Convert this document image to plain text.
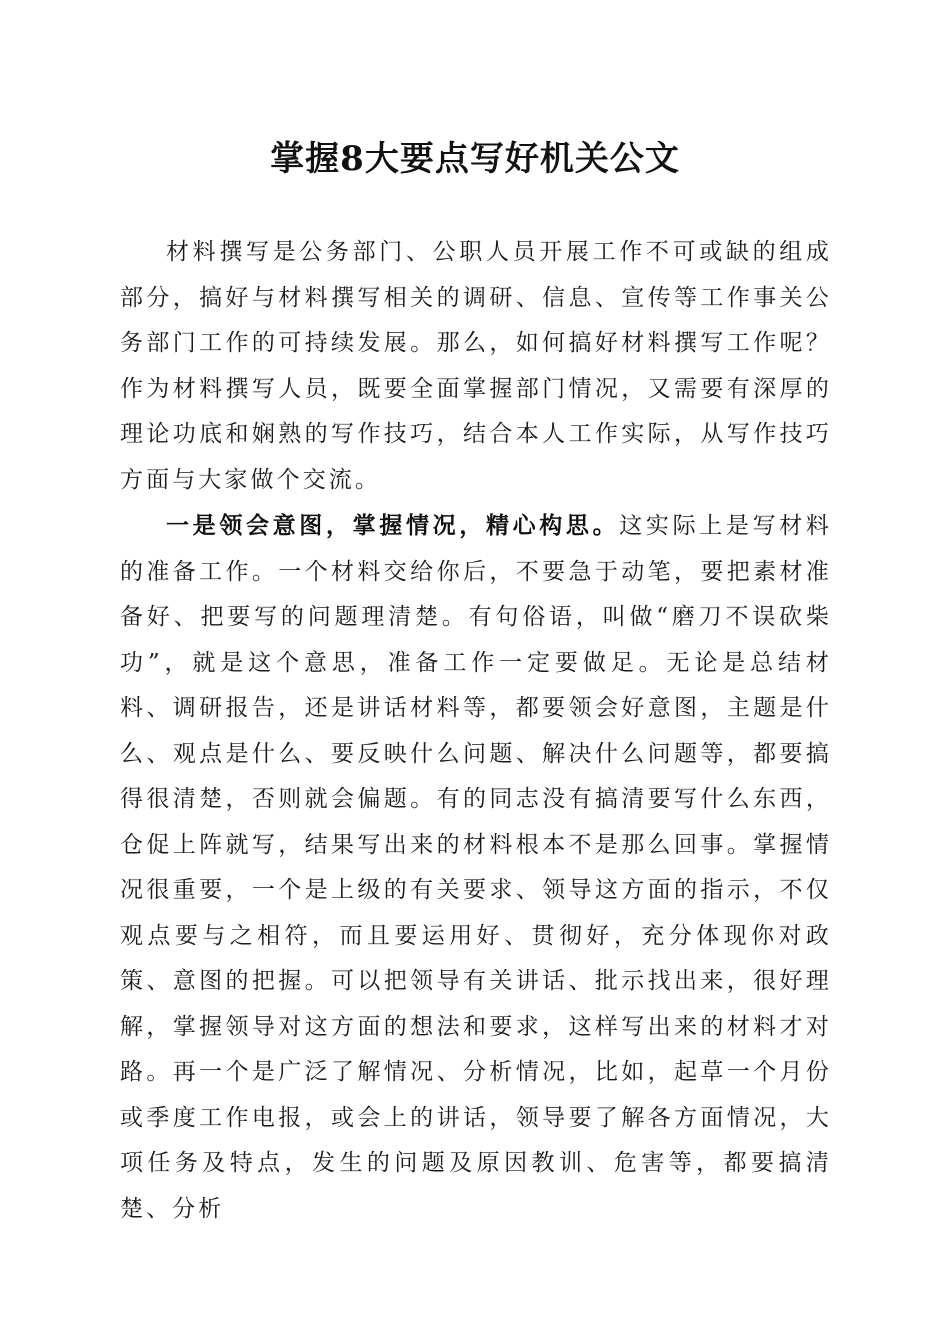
掌握8大要点写好机关公文

材料撰写是公务部门、公职人员开展工作不可或缺的组成部分，搞好与材料撰写相关的调研、信息、宣传等工作事关公务部门工作的可持续发展。那么，如何搞好材料撰写工作呢？作为材料撰写人员，既要全面掌握部门情况，又需要有深厚的理论功底和娴熟的写作技巧，结合本人工作实际，从写作技巧方面与大家做个交流。

一是领会意图，掌握情况，精心构思。这实际上是写材料的准备工作。一个材料交给你后，不要急于动笔，要把素材准备好、把要写的问题理清楚。有句俗语，叫做“磨刀不误砍柴功”，就是这个意思，准备工作一定要做足。无论是总结材料、调研报告，还是讲话材料等，都要领会好意图，主题是什么、观点是什么、要反映什么问题、解决什么问题等，都要搞得很清楚，否则就会偏题。有的同志没有搞清要写什么东西，仓促上阵就写，结果写出来的材料根本不是那么回事。掌握情况很重要，一个是上级的有关要求、领导这方面的指示，不仅观点要与之相符，而且要运用好、贯彻好，充分体现你对政策、意图的把握。可以把领导有关讲话、批示找出来，很好理解，掌握领导对这方面的想法和要求，这样写出来的材料才对路。再一个是广泛了解情况、分析情况，比如，起草一个月份或季度工作电报，或会上的讲话，领导要了解各方面情况，大项任务及特点，发生的问题及原因教训、危害等，都要搞清楚、分析
